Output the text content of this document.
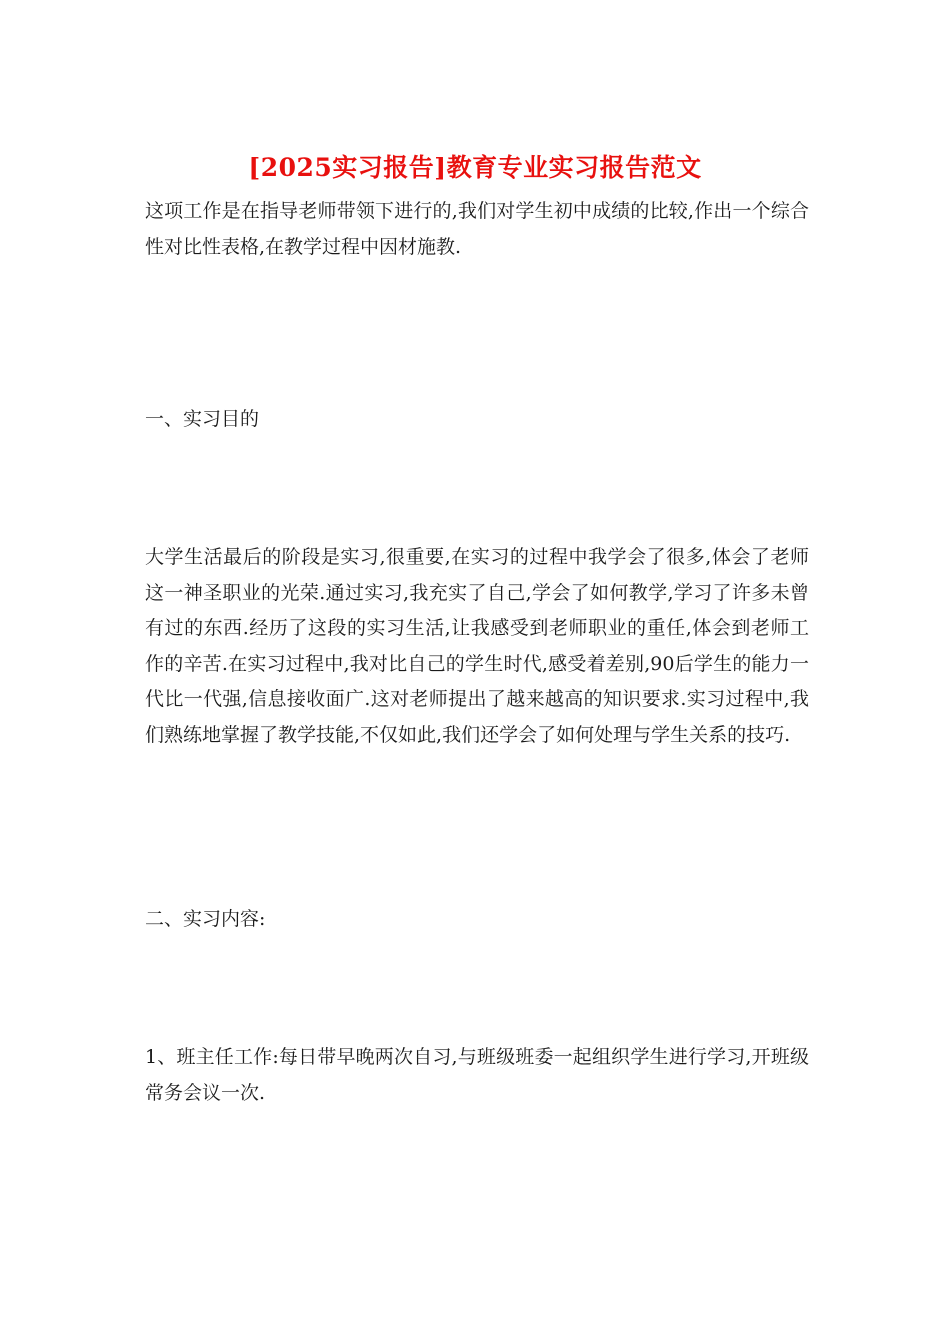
[2025实习报告]教育专业实习报告范文

这项工作是在指导老师带领下进行的,我们对学生初中成绩的比较,作出一个综合性对比性表格,在教学过程中因材施教.

一、实习目的

大学生活最后的阶段是实习,很重要,在实习的过程中我学会了很多,体会了老师这一神圣职业的光荣.通过实习,我充实了自己,学会了如何教学,学习了许多未曾有过的东西.经历了这段的实习生活,让我感受到老师职业的重任,体会到老师工作的辛苦.在实习过程中,我对比自己的学生时代,感受着差别,90后学生的能力一代比一代强,信息接收面广.这对老师提出了越来越高的知识要求.实习过程中,我们熟练地掌握了教学技能,不仅如此,我们还学会了如何处理与学生关系的技巧.

二、实习内容:

1、班主任工作:每日带早晚两次自习,与班级班委一起组织学生进行学习,开班级常务会议一次.
